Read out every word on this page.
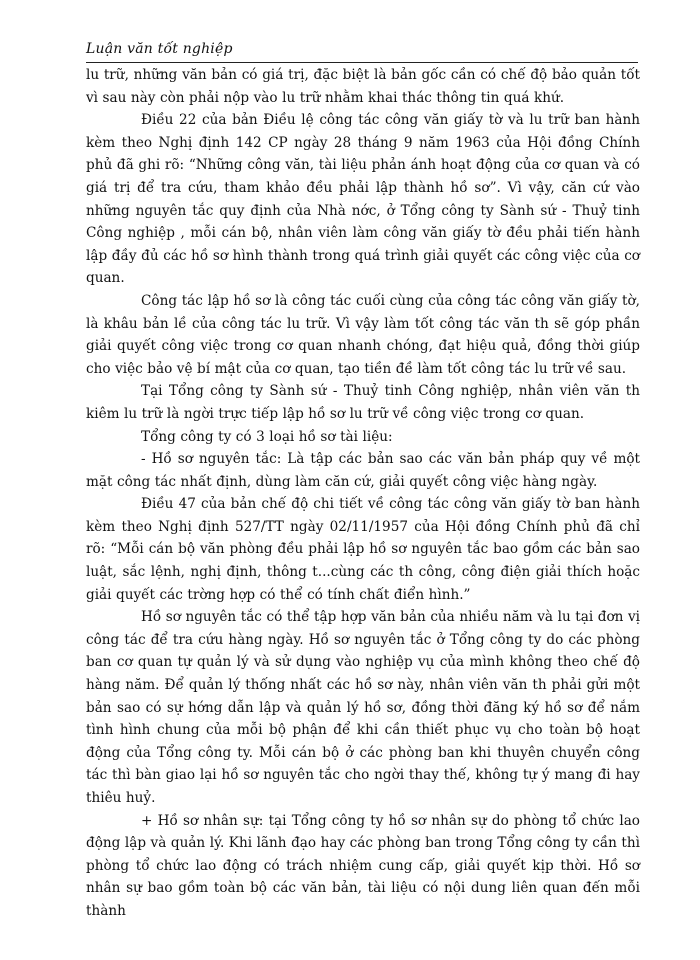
Luận văn tốt nghiệp

lu trữ, những văn bản có giá trị, đặc biệt là bản gốc cần có chế độ bảo quản tốt vì sau này còn phải nộp vào lu trữ nhằm khai thác thông tin quá khứ.

Điều 22 của bản Điều lệ công tác công văn giấy tờ và lu trữ ban hành kèm theo Nghị định 142 CP ngày 28 tháng 9 năm 1963 của Hội đồng Chính phủ đã ghi rõ: “Những công văn, tài liệu phản ánh hoạt động của cơ quan và có giá trị để tra cứu, tham khảo đều phải lập thành hồ sơ”. Vì vậy, căn cứ vào những nguyên tắc quy định của Nhà nớc, ở Tổng công ty Sành sứ - Thuỷ tinh Công nghiệp , mỗi cán bộ, nhân viên làm công văn giấy tờ đều phải tiến hành lập đầy đủ các hồ sơ hình thành trong quá trình giải quyết các công việc của cơ quan.

Công tác lập hồ sơ là công tác cuối cùng của công tác công văn giấy tờ, là khâu bản lề của công tác lu trữ. Vì vậy làm tốt công tác văn th sẽ góp phần giải quyết công việc trong cơ quan nhanh chóng, đạt hiệu quả, đồng thời giúp cho việc bảo vệ bí mật của cơ quan, tạo tiền đề làm tốt công tác lu trữ về sau.

Tại Tổng công ty Sành sứ - Thuỷ tinh Công nghiệp, nhân viên văn th kiêm lu trữ là ngời trực tiếp lập hồ sơ lu trữ về công việc trong cơ quan.

Tổng công ty có 3 loại hồ sơ tài liệu:

- Hồ sơ nguyên tắc: Là tập các bản sao các văn bản pháp quy về một mặt công tác nhất định, dùng làm căn cứ, giải quyết công việc hàng ngày.

Điều 47 của bản chế độ chi tiết về công tác công văn giấy tờ ban hành kèm theo Nghị định 527/TT ngày 02/11/1957 của Hội đồng Chính phủ đã chỉ rõ: “Mỗi cán bộ văn phòng đều phải lập hồ sơ nguyên tắc bao gồm các bản sao luật, sắc lệnh, nghị định, thông t...cùng các th công, công điện giải thích hoặc giải quyết các trờng hợp có thể có tính chất điển hình.”

Hồ sơ nguyên tắc có thể tập hợp văn bản của nhiều năm và lu tại đơn vị công tác để tra cứu hàng ngày. Hồ sơ nguyên tắc ở Tổng công ty do các phòng ban cơ quan tự quản lý và sử dụng vào nghiệp vụ của mình không theo chế độ hàng năm. Để quản lý thống nhất các hồ sơ này, nhân viên văn th phải gửi một bản sao có sự hớng dẫn lập và quản lý hồ sơ, đồng thời đăng ký hồ sơ để nắm tình hình chung của mỗi bộ phận để khi cần thiết phục vụ cho toàn bộ hoạt động của Tổng công ty. Mỗi cán bộ ở các phòng ban khi thuyên chuyển công tác thì bàn giao lại hồ sơ nguyên tắc cho ngời thay thế, không tự ý mang đi hay thiêu huỷ.

+ Hồ sơ nhân sự: tại Tổng công ty hồ sơ nhân sự do phòng tổ chức lao động lập và quản lý. Khi lãnh đạo hay các phòng ban trong Tổng công ty cần thì phòng tổ chức lao động có trách nhiệm cung cấp, giải quyết kịp thời. Hồ sơ nhân sự bao gồm toàn bộ các văn bản, tài liệu có nội dung liên quan đến mỗi thành
